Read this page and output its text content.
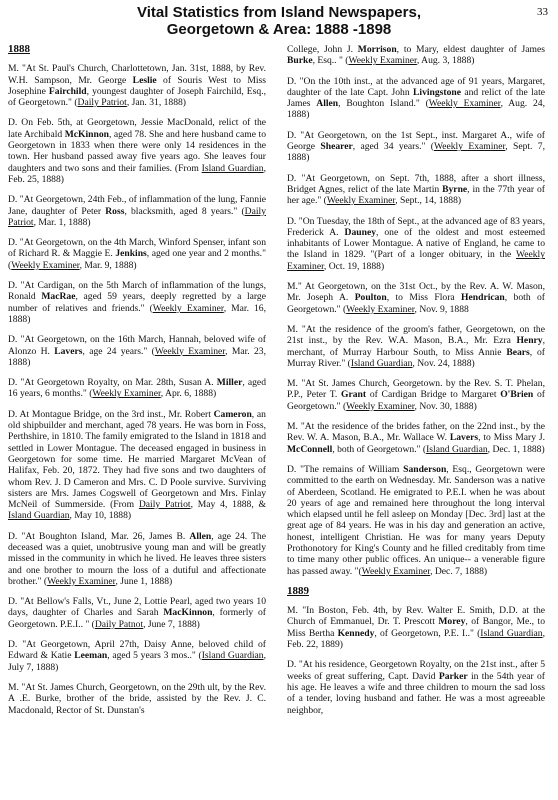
33
Vital Statistics from Island Newspapers,
Georgetown & Area: 1888 -1898
1888

M. "At St. Paul's Church, Charlottetown, Jan. 31st, 1888, by Rev. W.H. Sampson, Mr. George Leslie of Souris West to Miss Josephine Fairchild, youngest daughter of Joseph Fairchild, Esq., of Georgetown." (Daily Patriot, Jan. 31, 1888)

D. On Feb. 5th, at Georgetown, Jessie MacDonald, relict of the late Archibald McKinnon, aged 78. She and here husband came to Georgetown in 1833 when there were only 14 residences in the town. Her husband passed away five years ago. She leaves four daughters and two sons and their families. (From Island Guardian, Feb. 25, 1888)

D. "At Georgetown, 24th Feb., of inflammation of the lung, Fannie Jane, daughter of Peter Ross, blacksmith, aged 8 years." (Daily Patriot, Mar. 1, 1888)

D. "At Georgetown, on the 4th March, Winford Spenser, infant son of Richard R. & Maggie E. Jenkins, aged one year and 2 months." (Weekly Examiner, Mar. 9, 1888)

D. "At Cardigan, on the 5th March of inflammation of the lungs, Ronald MacRae, aged 59 years, deeply regretted by a large number of relatives and friends." (Weekly Examiner, Mar. 16, 1888)

D. "At Georgetown, on the 16th March, Hannah, beloved wife of Alonzo H. Lavers, age 24 years." (Weekly Examiner, Mar. 23, 1888)

D. "At Georgetown Royalty, on Mar. 28th, Susan A. Miller, aged 16 years, 6 months." (Weekly Examiner, Apr. 6, 1888)

D. At Montague Bridge, on the 3rd inst., Mr. Robert Cameron, an old shipbuilder and merchant, aged 78 years. He was born in Foss, Perthshire, in 1810. The family emigrated to the Island in 1818 and settled in Lower Montague. The deceased engaged in business in Georgetown for some time. He married Margaret McVean of Halifax, Feb. 20, 1872. They had five sons and two daughters of whom Rev. J. D Cameron and Mrs. C. D Poole survive. Surviving sisters are Mrs. James Cogswell of Georgetown and Mrs. Finlay McNeil of Summerside. (From Daily Patriot, May 4, 1888, & Island Guardian, May 10, 1888)

D. "At Boughton Island, Mar. 26, James B. Allen, age 24. The deceased was a quiet, unobtrusive young man and will be greatly missed in the community in which he lived. He leaves three sisters and one brother to mourn the loss of a dutiful and affectionate brother." (Weekly Examiner, June 1, 1888)

D. "At Bellow's Falls, Vt., June 2, Lottie Pearl, aged two years 10 days, daughter of Charles and Sarah MacKinnon, formerly of Georgetown. P.E.I.. " (Daily Patnot, June 7, 1888)

D. "At Georgetown, April 27th, Daisy Anne, beloved child of Edward & Katie Leeman, aged 5 years 3 mos.." (Island Guardian, July 7, 1888)

M. "At St. James Church, Georgetown, on the 29th ult, by the Rev. A .E. Burke, brother of the bride, assisted by the Rev. J. C. Macdonald, Rector of St. Dunstan's

College, John J. Morrison, to Mary, eldest daughter of James Burke, Esq.. " (Weekly Examiner, Aug. 3, 1888)

D. "On the 10th inst., at the advanced age of 91 years, Margaret, daughter of the late Capt. John Livingstone and relict of the late James Allen, Boughton Island." (Weekly Examiner, Aug. 24, 1888)

D. "At Georgetown, on the 1st Sept., inst. Margaret A., wife of George Shearer, aged 34 years." (Weekly Examiner, Sept. 7, 1888)

D. "At Georgetown, on Sept. 7th, 1888, after a short illness, Bridget Agnes, relict of the late Martin Byrne, in the 77th year of her age." (Weekly Examiner, Sept., 14, 1888)

D. "On Tuesday, the 18th of Sept., at the advanced age of 83 years, Frederick A. Dauney, one of the oldest and most esteemed inhabitants of Lower Montague. A native of England, he came to the Island in 1829. "(Part of a longer obituary, in the Weekly Examiner, Oct. 19, 1888)

M." At Georgetown, on the 31st Oct., by the Rev. A. W. Mason, Mr. Joseph A. Poulton, to Miss Flora Hendrican, both of Georgetown." (Weekly Examiner, Nov. 9, 1888

M. "At the residence of the groom's father, Georgetown, on the 21st inst., by the Rev. W.A. Mason, B.A., Mr. Ezra Henry, merchant, of Murray Harbour South, to Miss Annie Bears, of Murray River." (Island Guardian, Nov. 24, 1888)

M. "At St. James Church, Georgetown. by the Rev. S. T. Phelan, P.P., Peter T. Grant of Cardigan Bridge to Margaret O'Brien of Georgetown." (Weekly Examiner, Nov. 30, 1888)

M. "At the residence of the brides father, on the 22nd inst., by the Rev. W. A. Mason, B.A., Mr. Wallace W. Lavers, to Miss Mary J. McConnell, both of Georgetown." (Island Guardian, Dec. 1, 1888)

D. "The remains of William Sanderson, Esq., Georgetown were committed to the earth on Wednesday. Mr. Sanderson was a native of Aberdeen, Scotland. He emigrated to P.E.I. when he was about 20 years of age and remained here throughout the long interval which elapsed until he fell asleep on Monday [Dec. 3rd] last at the great age of 84 years. He was in his day and generation an active, honest, intelligent Christian. He was for many years Deputy Prothonotory for King's County and he filled creditably from time to time many other public offices. An unique-- a venerable figure has passed away. "(Weekly Examiner, Dec. 7, 1888)

1889

M. "In Boston, Feb. 4th, by Rev. Walter E. Smith, D.D. at the Church of Emmanuel, Dr. T. Prescott Morey, of Bangor, Me., to Miss Bertha Kennedy, of Georgetown, P.E. I.." (Island Guardian, Feb. 22, 1889)

D. "At his residence, Georgetown Royalty, on the 21st inst., after 5 weeks of great suffering, Capt. David Parker in the 54th year of his age. He leaves a wife and three children to mourn the sad loss of a tender, loving husband and father. He was a most agreeable neighbor,
